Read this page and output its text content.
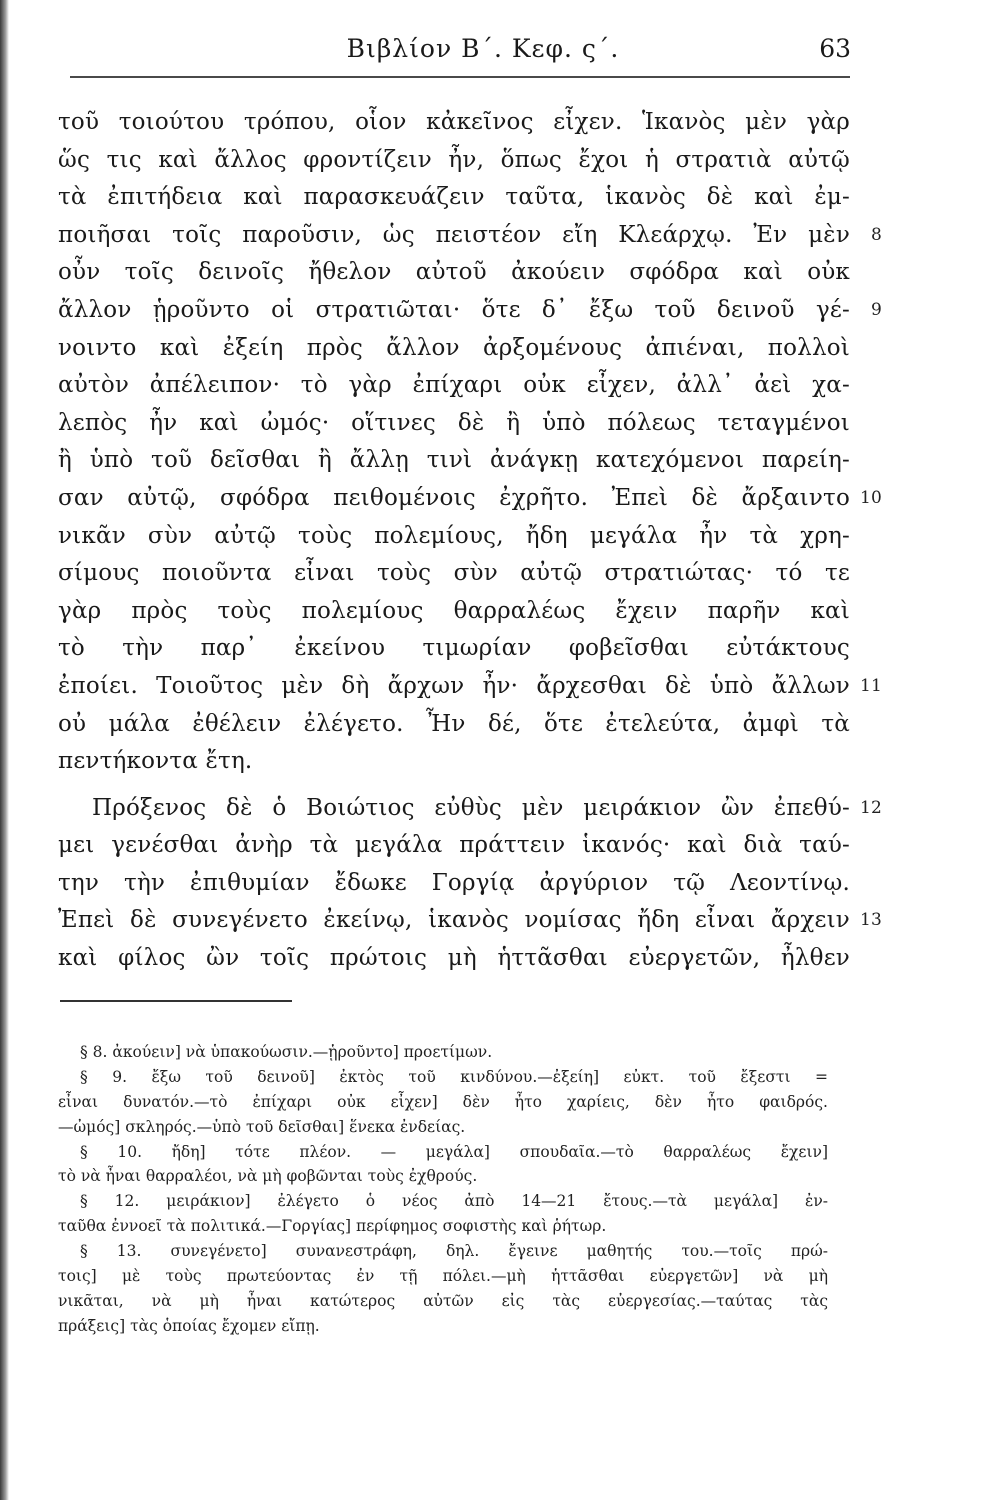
Βιβλίον Β΄. Κεφ. ς΄.	63
τοῦ τοιούτου τρόπου, οἷον κἀκεῖνος εἶχεν. Ἱκανὸς μὲν γὰρ
ὥς τις καὶ ἄλλος φροντίζειν ἦν, ὅπως ἔχοι ἡ στρατιὰ αὐτῷ
τὰ ἐπιτήδεια καὶ παρασκευάζειν ταῦτα, ἱκανὸς δὲ καὶ ἐμ-
ποιῆσαι τοῖς παροῦσιν, ὡς πειστέον εἴη Κλεάρχῳ. Ἐν μὲν 8
οὖν τοῖς δεινοῖς ἤθελον αὐτοῦ ἀκούειν σφόδρα καὶ οὐκ
ἄλλον ᾑροῦντο οἱ στρατιῶται· ὅτε δ᾽ ἔξω τοῦ δεινοῦ γέ- 9
νοιντο καὶ ἐξείη πρὸς ἄλλον ἀρξομένους ἀπιέναι, πολλοὶ
αὐτὸν ἀπέλειπον· τὸ γὰρ ἐπίχαρι οὐκ εἶχεν, ἀλλ᾽ ἀεὶ χα-
λεπὸς ἦν καὶ ὠμός· οἵτινες δὲ ἢ ὑπὸ πόλεως τεταγμένοι
ἢ ὑπὸ τοῦ δεῖσθαι ἢ ἄλλῃ τινὶ ἀνάγκῃ κατεχόμενοι παρείη-
σαν αὐτῷ, σφόδρα πειθομένοις ἐχρῆτο. Ἐπεὶ δὲ ἄρξαιντο 10
νικᾶν σὺν αὐτῷ τοὺς πολεμίους, ἤδη μεγάλα ἦν τὰ χρη-
σίμους ποιοῦντα εἶναι τοὺς σὺν αὐτῷ στρατιώτας· τό τε
γὰρ πρὸς τοὺς πολεμίους θαρραλέως ἔχειν παρῆν καὶ
τὸ τὴν παρ᾽ ἐκείνου τιμωρίαν φοβεῖσθαι εὐτάκτους
ἐποίει. Τοιοῦτος μὲν δὴ ἄρχων ἦν· ἄρχεσθαι δὲ ὑπὸ ἄλλων 11
οὐ μάλα ἐθέλειν ἐλέγετο. Ἦν δέ, ὅτε ἐτελεύτα, ἀμφὶ τὰ
πεντήκοντα ἔτη.
Πρόξενος δὲ ὁ Βοιώτιος εὐθὺς μὲν μειράκιον ὢν ἐπεθύ- 12
μει γενέσθαι ἀνὴρ τὰ μεγάλα πράττειν ἱκανός· καὶ διὰ ταύ-
την τὴν ἐπιθυμίαν ἔδωκε Γοργίᾳ ἀργύριον τῷ Λεοντίνῳ.
Ἐπεὶ δὲ συνεγένετο ἐκείνῳ, ἱκανὸς νομίσας ἤδη εἶναι ἄρχειν 13
καὶ φίλος ὢν τοῖς πρώτοις μὴ ἡττᾶσθαι εὐεργετῶν, ἦλθεν
§ 8. ἀκούειν] νὰ ὑπακούωσιν.—ᾑροῦντο] προετίμων.
§ 9. ἔξω τοῦ δεινοῦ] ἐκτὸς τοῦ κινδύνου.—ἐξείη] εὐκτ. τοῦ ἔξεστι =
εἶναι δυνατόν.—τὸ ἐπίχαρι οὐκ εἶχεν] δὲν ἦτο χαρίεις, δὲν ἦτο φαιδρός.
—ὠμός] σκληρός.—ὑπὸ τοῦ δεῖσθαι] ἕνεκα ἐνδείας.
§ 10. ἤδη] τότε πλέον. — μεγάλα] σπουδαῖα.—τὸ θαρραλέως ἔχειν]
τὸ νὰ ἦναι θαρραλέοι, νὰ μὴ φοβῶνται τοὺς ἐχθρούς.
§ 12. μειράκιον] ἐλέγετο ὁ νέος ἀπὸ 14—21 ἔτους.—τὰ μεγάλα] ἐν-
ταῦθα ἐννοεῖ τὰ πολιτικά.—Γοργίας] περίφημος σοφιστὴς καὶ ῥήτωρ.
§ 13. συνεγένετο] συνανεστράφη, δηλ. ἔγεινε μαθητής του.—τοῖς πρώ-
τοις] μὲ τοὺς πρωτεύοντας ἐν τῇ πόλει.—μὴ ἡττᾶσθαι εὐεργετῶν] νὰ μὴ
νικᾶται, νὰ μὴ ἦναι κατώτερος αὐτῶν εἰς τὰς εὐεργεσίας.—ταύτας τὰς
πράξεις] τὰς ὁποίας ἔχομεν εἴπῃ.
